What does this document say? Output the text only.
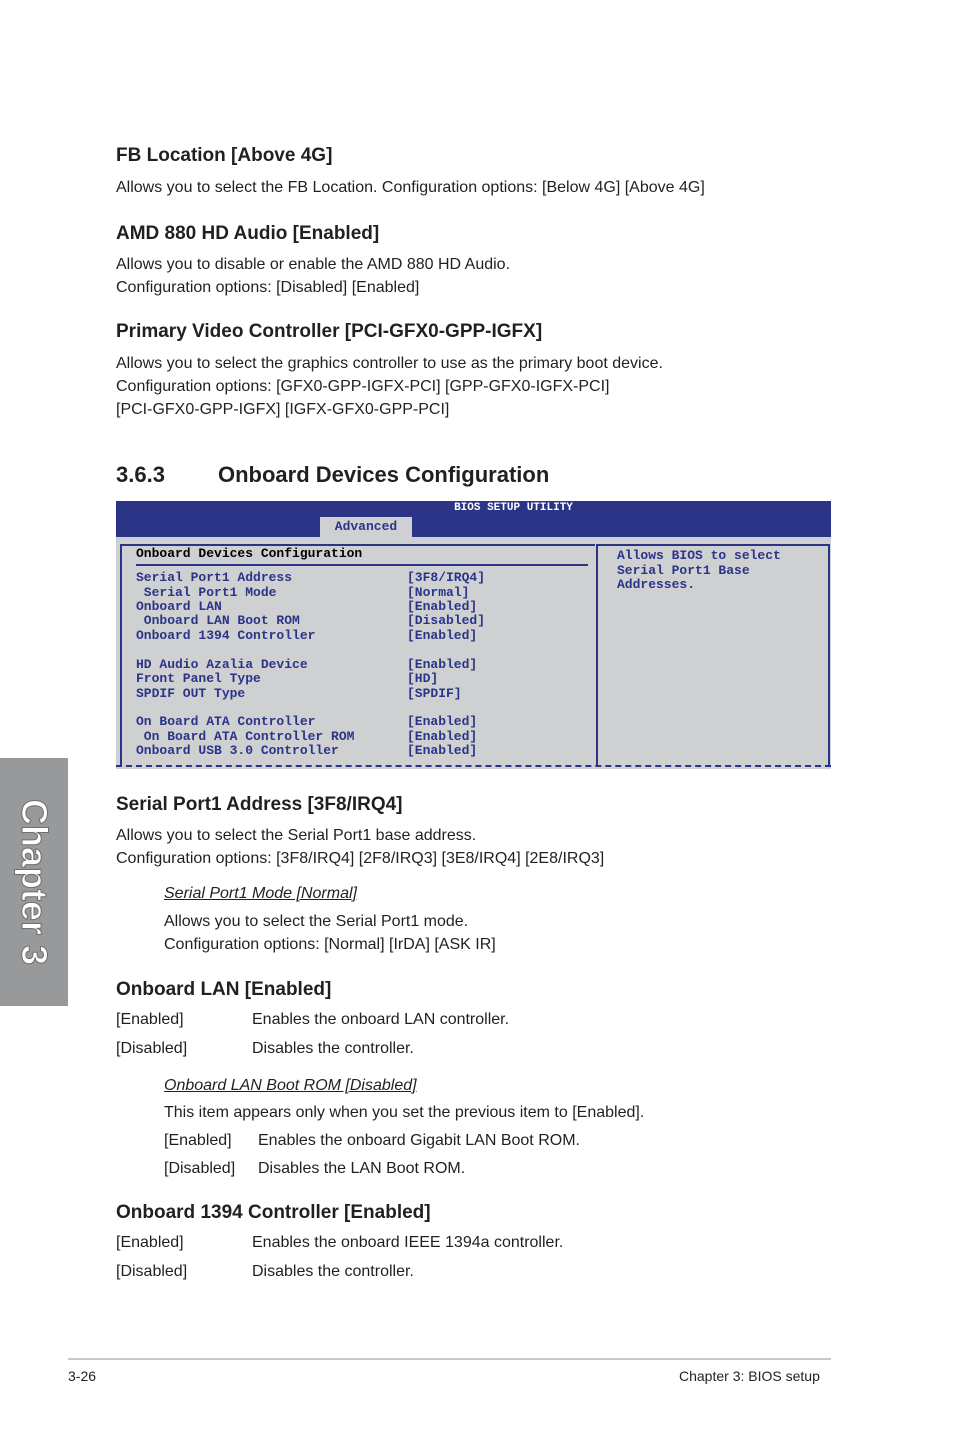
Chapter 3
FB Location [Above 4G]
Allows you to select the FB Location. Configuration options: [Below 4G] [Above 4G]
AMD 880 HD Audio [Enabled]
Allows you to disable or enable the AMD 880 HD Audio.
Configuration options: [Disabled] [Enabled]
Primary Video Controller [PCI-GFX0-GPP-IGFX]
Allows you to select the graphics controller to use as the primary boot device.
Configuration options: [GFX0-GPP-IGFX-PCI] [GPP-GFX0-IGFX-PCI]
[PCI-GFX0-GPP-IGFX] [IGFX-GFX0-GPP-PCI]
3.6.3 Onboard Devices Configuration
BIOS SETUP UTILITY
Advanced
Onboard Devices Configuration
Serial Port1 Address	[3F8/IRQ4]
Serial Port1 Mode	[Normal]
Onboard LAN	[Enabled]
Onboard LAN Boot ROM	[Disabled]
Onboard 1394 Controller	[Enabled]
HD Audio Azalia Device	[Enabled]
Front Panel Type	[HD]
SPDIF OUT Type	[SPDIF]
On Board ATA Controller	[Enabled]
On Board ATA Controller ROM	[Enabled]
Onboard USB 3.0 Controller	[Enabled]
Allows BIOS to select
Serial Port1 Base
Addresses.
Serial Port1 Address [3F8/IRQ4]
Allows you to select the Serial Port1 base address.
Configuration options: [3F8/IRQ4] [2F8/IRQ3] [3E8/IRQ4] [2E8/IRQ3]
Serial Port1 Mode [Normal]
Allows you to select the Serial Port1 mode.
Configuration options: [Normal] [IrDA] [ASK IR]
Onboard LAN [Enabled]
[Enabled]	Enables the onboard LAN controller.
[Disabled]	Disables the controller.
Onboard LAN Boot ROM [Disabled]
This item appears only when you set the previous item to [Enabled].
[Enabled] Enables the onboard Gigabit LAN Boot ROM.
[Disabled] Disables the LAN Boot ROM.
Onboard 1394 Controller [Enabled]
[Enabled]	Enables the onboard IEEE 1394a controller.
[Disabled]	Disables the controller.
3-26	Chapter 3: BIOS setup
